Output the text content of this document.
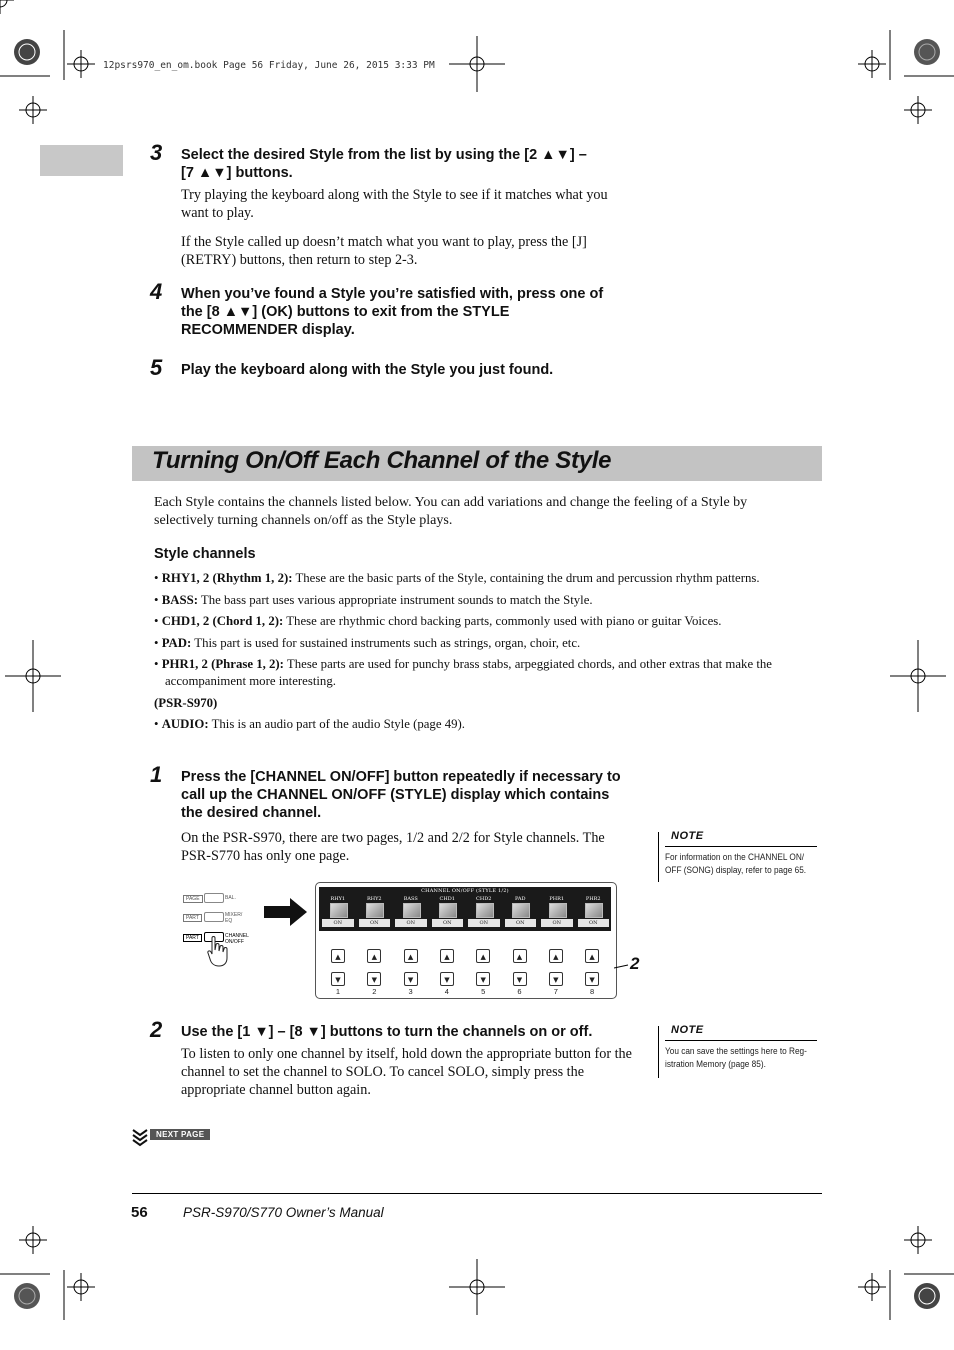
12psrs970_en_om.book Page 56 Friday, June 26, 2015 3:33 PM
3 Select the desired Style from the list by using the [2 ▲▼] –
[7 ▲▼] buttons.
Try playing the keyboard along with the Style to see if it matches what you
want to play.
If the Style called up doesn’t match what you want to play, press the [J]
(RETRY) buttons, then return to step 2-3.
4 When you’ve found a Style you’re satisfied with, press one of
the [8 ▲▼] (OK) buttons to exit from the STYLE
RECOMMENDER display.
5 Play the keyboard along with the Style you just found.
Turning On/Off Each Channel of the Style
Each Style contains the channels listed below. You can add variations and change the feeling of a Style by
selectively turning channels on/off as the Style plays.
Style channels
• RHY1, 2 (Rhythm 1, 2): These are the basic parts of the Style, containing the drum and percussion rhythm patterns.
• BASS: The bass part uses various appropriate instrument sounds to match the Style.
• CHD1, 2 (Chord 1, 2): These are rhythmic chord backing parts, commonly used with piano or guitar Voices.
• PAD: This part is used for sustained instruments such as strings, organ, choir, etc.
• PHR1, 2 (Phrase 1, 2): These parts are used for punchy brass stabs, arpeggiated chords, and other extras that make the
accompaniment more interesting.
(PSR-S970)
• AUDIO: This is an audio part of the audio Style (page 49).
1 Press the [CHANNEL ON/OFF] button repeatedly if necessary to
call up the CHANNEL ON/OFF (STYLE) display which contains
the desired channel.
On the PSR-S970, there are two pages, 1/2 and 2/2 for Style channels. The
PSR-S770 has only one page.
NOTE
For information on the CHANNEL ON/
OFF (SONG) display, refer to page 65.
PAGE	BAL.
PART	MIXER/
EQ
PART	CHANNEL
ON/OFF
CHANNEL ON/OFF (STYLE 1/2)
RHY1
ON
RHY2
ON
BASS
ON
CHD1
ON
CHD2
ON
PAD
ON
PHR1
ON
PHR2
ON
▲
▼
1
▲
▼
2
▲
▼
3
▲
▼
4
▲
▼
5
▲
▼
6
▲
▼
7
▲
▼
8
2
2 Use the [1 ▼] – [8 ▼] buttons to turn the channels on or off.
To listen to only one channel by itself, hold down the appropriate button for the
channel to set the channel to SOLO. To cancel SOLO, simply press the
appropriate channel button again.
NOTE
You can save the settings here to Reg-
istration Memory (page 85).
NEXT PAGE
56	PSR-S970/S770 Owner’s Manual
